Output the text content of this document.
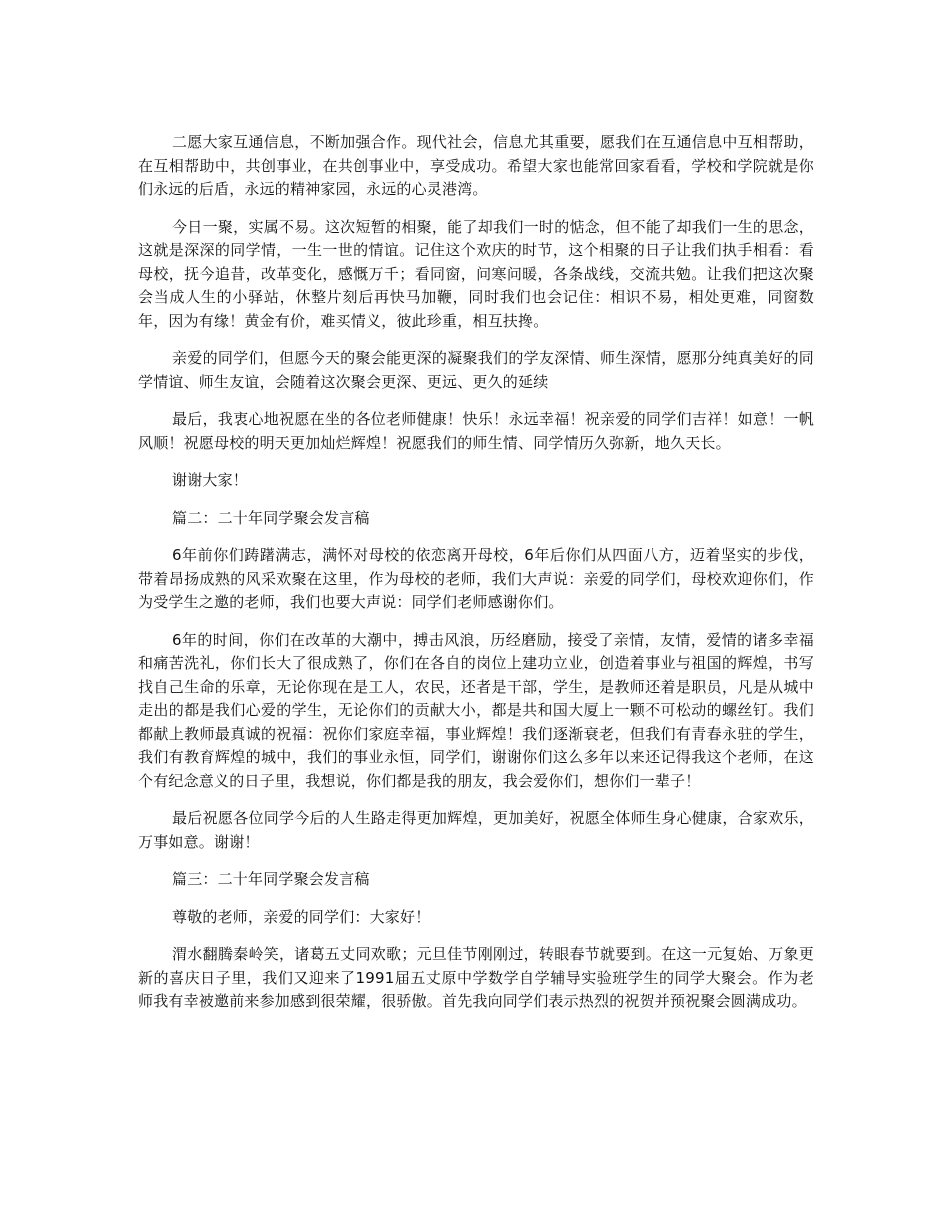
二愿大家互通信息，不断加强合作。现代社会，信息尤其重要，愿我们在互通信息中互相帮助，在互相帮助中，共创事业，在共创事业中，享受成功。希望大家也能常回家看看，学校和学院就是你们永远的后盾，永远的精神家园，永远的心灵港湾。

今日一聚，实属不易。这次短暂的相聚，能了却我们一时的惦念，但不能了却我们一生的思念，这就是深深的同学情，一生一世的情谊。记住这个欢庆的时节，这个相聚的日子让我们执手相看：看母校，抚今追昔，改革变化，感慨万千；看同窗，问寒问暖，各条战线，交流共勉。让我们把这次聚会当成人生的小驿站，休整片刻后再快马加鞭，同时我们也会记住：相识不易，相处更难，同窗数年，因为有缘！黄金有价，难买情义，彼此珍重，相互扶搀。

亲爱的同学们，但愿今天的聚会能更深的凝聚我们的学友深情、师生深情，愿那分纯真美好的同学情谊、师生友谊，会随着这次聚会更深、更远、更久的延续

最后，我衷心地祝愿在坐的各位老师健康！快乐！永远幸福！祝亲爱的同学们吉祥！如意！一帆风顺！祝愿母校的明天更加灿烂辉煌！祝愿我们的师生情、同学情历久弥新，地久天长。

谢谢大家！

篇二：二十年同学聚会发言稿

6年前你们踌躇满志，满怀对母校的依恋离开母校，6年后你们从四面八方，迈着坚实的步伐，带着昂扬成熟的风采欢聚在这里，作为母校的老师，我们大声说：亲爱的同学们，母校欢迎你们，作为受学生之邀的老师，我们也要大声说：同学们老师感谢你们。

6年的时间，你们在改革的大潮中，搏击风浪，历经磨励，接受了亲情，友情，爱情的诸多幸福和痛苦洗礼，你们长大了很成熟了，你们在各自的岗位上建功立业，创造着事业与祖国的辉煌，书写找自己生命的乐章，无论你现在是工人，农民，还者是干部，学生，是教师还着是职员，凡是从城中走出的都是我们心爱的学生，无论你们的贡献大小，都是共和国大厦上一颗不可松动的螺丝钉。我们都献上教师最真诚的祝福：祝你们家庭幸福，事业辉煌！我们逐渐衰老，但我们有青春永驻的学生，我们有教育辉煌的城中，我们的事业永恒，同学们，谢谢你们这么多年以来还记得我这个老师，在这个有纪念意义的日子里，我想说，你们都是我的朋友，我会爱你们，想你们一辈子！

最后祝愿各位同学今后的人生路走得更加辉煌，更加美好，祝愿全体师生身心健康，合家欢乐，万事如意。谢谢！

篇三：二十年同学聚会发言稿

尊敬的老师，亲爱的同学们：大家好！

渭水翻腾秦岭笑，诸葛五丈同欢歌；元旦佳节刚刚过，转眼春节就要到。在这一元复始、万象更新的喜庆日子里，我们又迎来了1991届五丈原中学数学自学辅导实验班学生的同学大聚会。作为老师我有幸被邀前来参加感到很荣耀，很骄傲。首先我向同学们表示热烈的祝贺并预祝聚会圆满成功。
